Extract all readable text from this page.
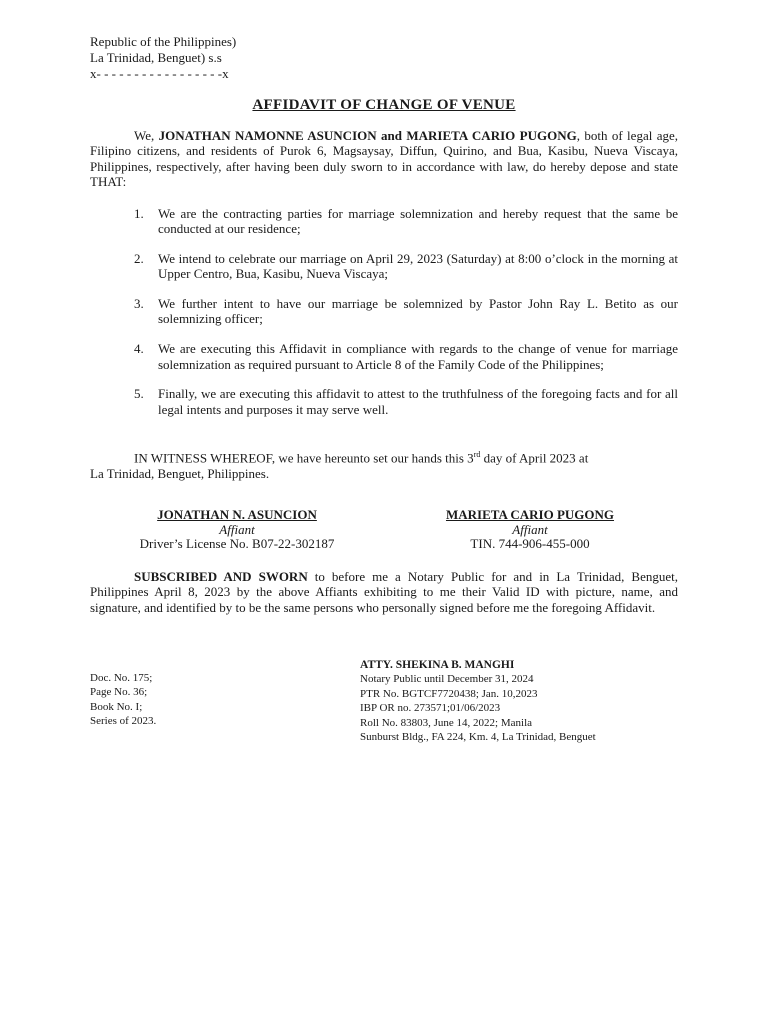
Republic of the Philippines)
La Trinidad, Benguet) s.s
x- - - - - - - - - - - - - - - - -x
AFFIDAVIT OF CHANGE OF VENUE
We, JONATHAN NAMONNE ASUNCION and MARIETA CARIO PUGONG, both of legal age, Filipino citizens, and residents of Purok 6, Magsaysay, Diffun, Quirino, and Bua, Kasibu, Nueva Viscaya, Philippines, respectively, after having been duly sworn to in accordance with law, do hereby depose and state THAT:
1. We are the contracting parties for marriage solemnization and hereby request that the same be conducted at our residence;
2. We intend to celebrate our marriage on April 29, 2023 (Saturday) at 8:00 o’clock in the morning at Upper Centro, Bua, Kasibu, Nueva Viscaya;
3. We further intent to have our marriage be solemnized by Pastor John Ray L. Betito as our solemnizing officer;
4. We are executing this Affidavit in compliance with regards to the change of venue for marriage solemnization as required pursuant to Article 8 of the Family Code of the Philippines;
5. Finally, we are executing this affidavit to attest to the truthfulness of the foregoing facts and for all legal intents and purposes it may serve well.
IN WITNESS WHEREOF, we have hereunto set our hands this 3rd day of April 2023 at
La Trinidad, Benguet, Philippines.
JONATHAN N. ASUNCION
Affiant
Driver’s License No. B07-22-302187
MARIETA CARIO PUGONG
Affiant
TIN. 744-906-455-000
SUBSCRIBED AND SWORN to before me a Notary Public for and in La Trinidad, Benguet, Philippines April 8, 2023 by the above Affiants exhibiting to me their Valid ID with picture, name, and signature, and identified by to be the same persons who personally signed before me the foregoing Affidavit.
ATTY. SHEKINA B. MANGHI
Notary Public until December 31, 2024
PTR No. BGTCF7720438; Jan. 10,2023
IBP OR no. 273571;01/06/2023
Roll No. 83803, June 14, 2022; Manila
Sunburst Bldg., FA 224, Km. 4, La Trinidad, Benguet
Doc. No. 175;
Page No. 36;
Book No. I;
Series of 2023.
